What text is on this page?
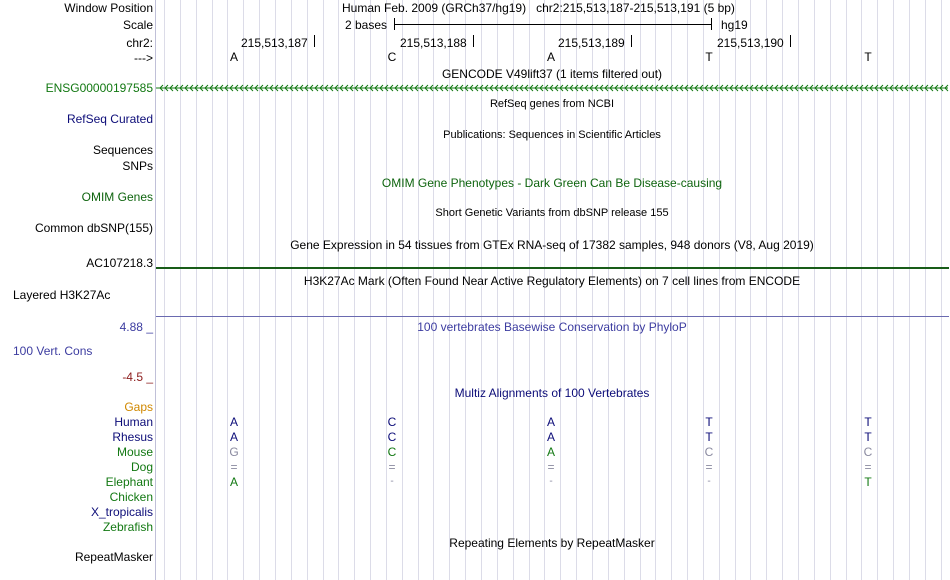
Window Position	Human Feb. 2009 (GRCh37/hg19)   chr2:215,513,187-215,513,191 (5 bp)
Scale	2 bases	hg19
chr2:	215,513,187	215,513,188	215,513,189	215,513,190
--->	A	C	A	T	T
GENCODE V49lift37 (1 items filtered out)
ENSG00000197585
RefSeq genes from NCBI
RefSeq Curated
Publications: Sequences in Scientific Articles
Sequences
SNPs
OMIM Gene Phenotypes - Dark Green Can Be Disease-causing
OMIM Genes
Short Genetic Variants from dbSNP release 155
Common dbSNP(155)
Gene Expression in 54 tissues from GTEx RNA-seq of 17382 samples, 948 donors (V8, Aug 2019)
AC107218.3
H3K27Ac Mark (Often Found Near Active Regulatory Elements) on 7 cell lines from ENCODE
Layered H3K27Ac
100 vertebrates Basewise Conservation by PhyloP
4.88 _
100 Vert. Cons
-4.5 _
Multiz Alignments of 100 Vertebrates
Gaps
Human	A	C	A	T	T
Rhesus	A	C	A	T	T
Mouse	G	C	A	C	C
Dog	=	=	=	=	=
Elephant	A	-	-	-	T
Chicken
X_tropicalis
Zebrafish
Repeating Elements by RepeatMasker
RepeatMasker
